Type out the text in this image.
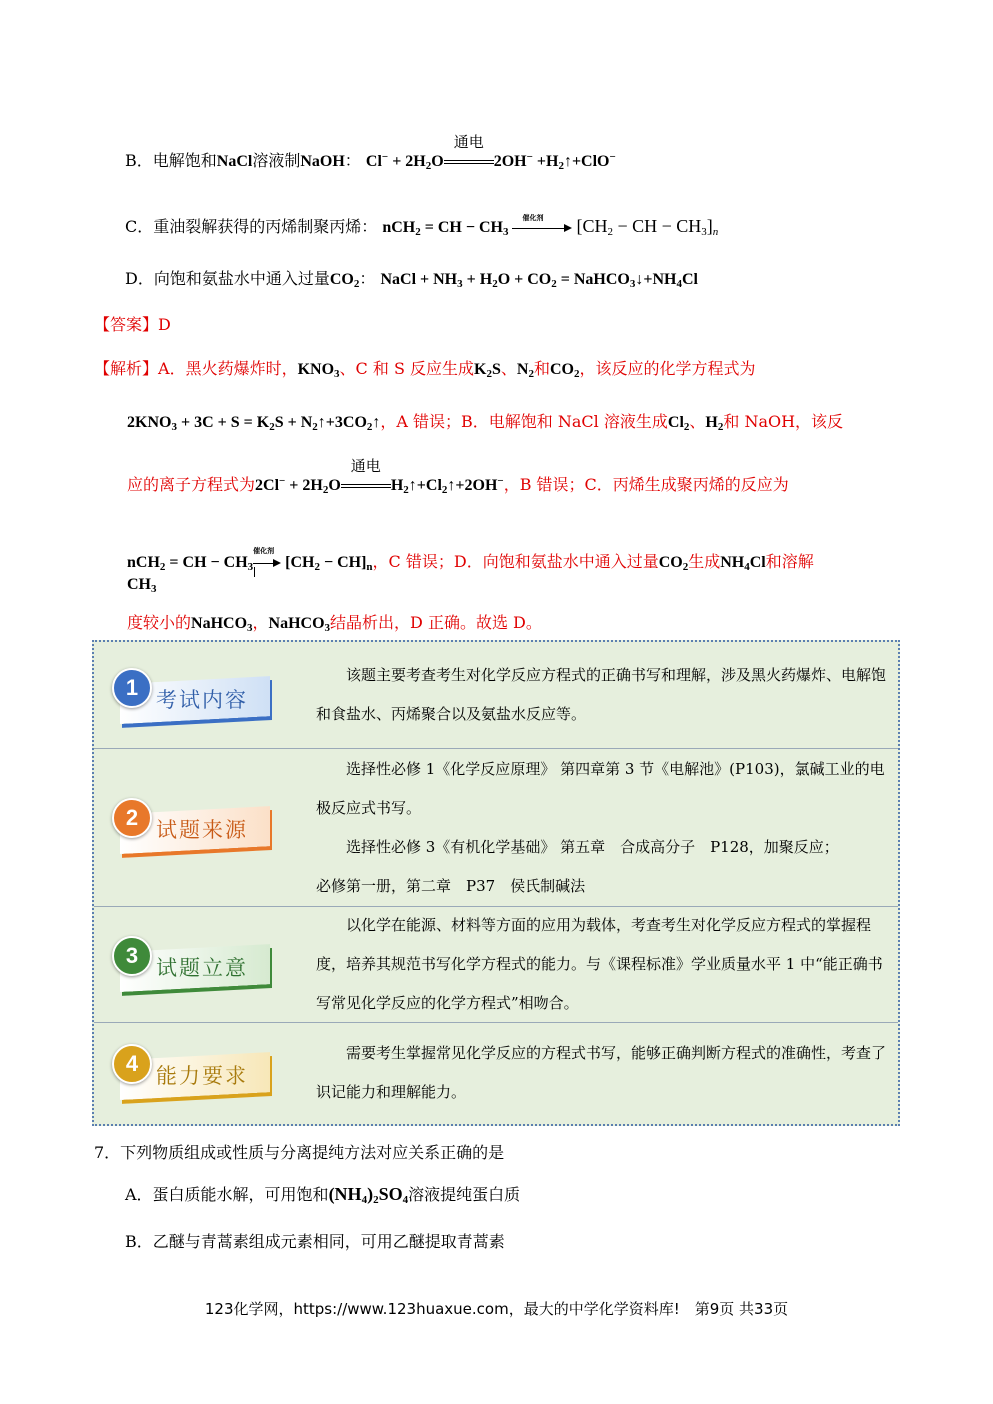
B．电解饱和NaCl溶液制NaOH： $Cl^- + 2H_2O$
通电
$2OH^- +H_2↑+ClO^-$
C．重油裂解获得的丙烯制聚丙烯： nCH$_2$ = CH − $CH_3$
催化剂 [$CH_2$ − CH − $CH_3]_n$
D．向饱和氨盐水中通入过量$CO_2$： NaCl + $NH_3 + H_2O + CO_2$ = $NaHCO_3↓+NH_4Cl$
【答案】D
【解析】A．黑火药爆炸时，$KNO_3$、C 和 S 反应生成$K_2S$、$N_2$和$CO_2$，该反应的化学方程式为
$2KNO_3 + 3C + S = K_2S$ + $N_2↑+3CO_2↑$，A 错误；B．电解饱和 NaCl 溶液生成$Cl_2$、$H_2$和 NaOH，该反
应的离子方程式为$2Cl^- + 2H_2O$
通电
$H_2↑+Cl_2↑+2OH^-$，B 错误；C．丙烯生成聚丙烯的反应为
nCH$_2$ = CH − $CH_3$
催化剂
$[CH_2 - CH]_n$，C 错误；D．向饱和氨盐水中通入过量$CO_2$生成$NH_4Cl$和溶解
$CH_3$
度较小的NaHCO$_3$，NaHCO$_3$结晶析出，D 正确。故选 D。
1 考试内容

该题主要考查考生对化学反应方程式的正确书写和理解，涉及黑火药爆炸、电解饱和食盐水、丙烯聚合以及氨盐水反应等。

2 试题来源

选择性必修 1《化学反应原理》 第四章第 3 节《电解池》(P103)，氯碱工业的电极反应式书写。

选择性必修 3《有机化学基础》 第五章　合成高分子　P128，加聚反应；

必修第一册，第二章　P37　侯氏制碱法

3 试题立意

以化学在能源、材料等方面的应用为载体，考查考生对化学反应方程式的掌握程度，培养其规范书写化学方程式的能力。与《课程标准》学业质量水平 1 中“能正确书写常见化学反应的化学方程式”相吻合。

4 能力要求

需要考生掌握常见化学反应的方程式书写，能够正确判断方程式的准确性，考查了识记能力和理解能力。

7．下列物质组成或性质与分离提纯方法对应关系正确的是
A．蛋白质能水解，可用饱和$(NH_4)_2SO_4$溶液提纯蛋白质
B．乙醚与青蒿素组成元素相同，可用乙醚提取青蒿素
123化学网，https://www.123huaxue.com，最大的中学化学资料库!　第9页 共33页
